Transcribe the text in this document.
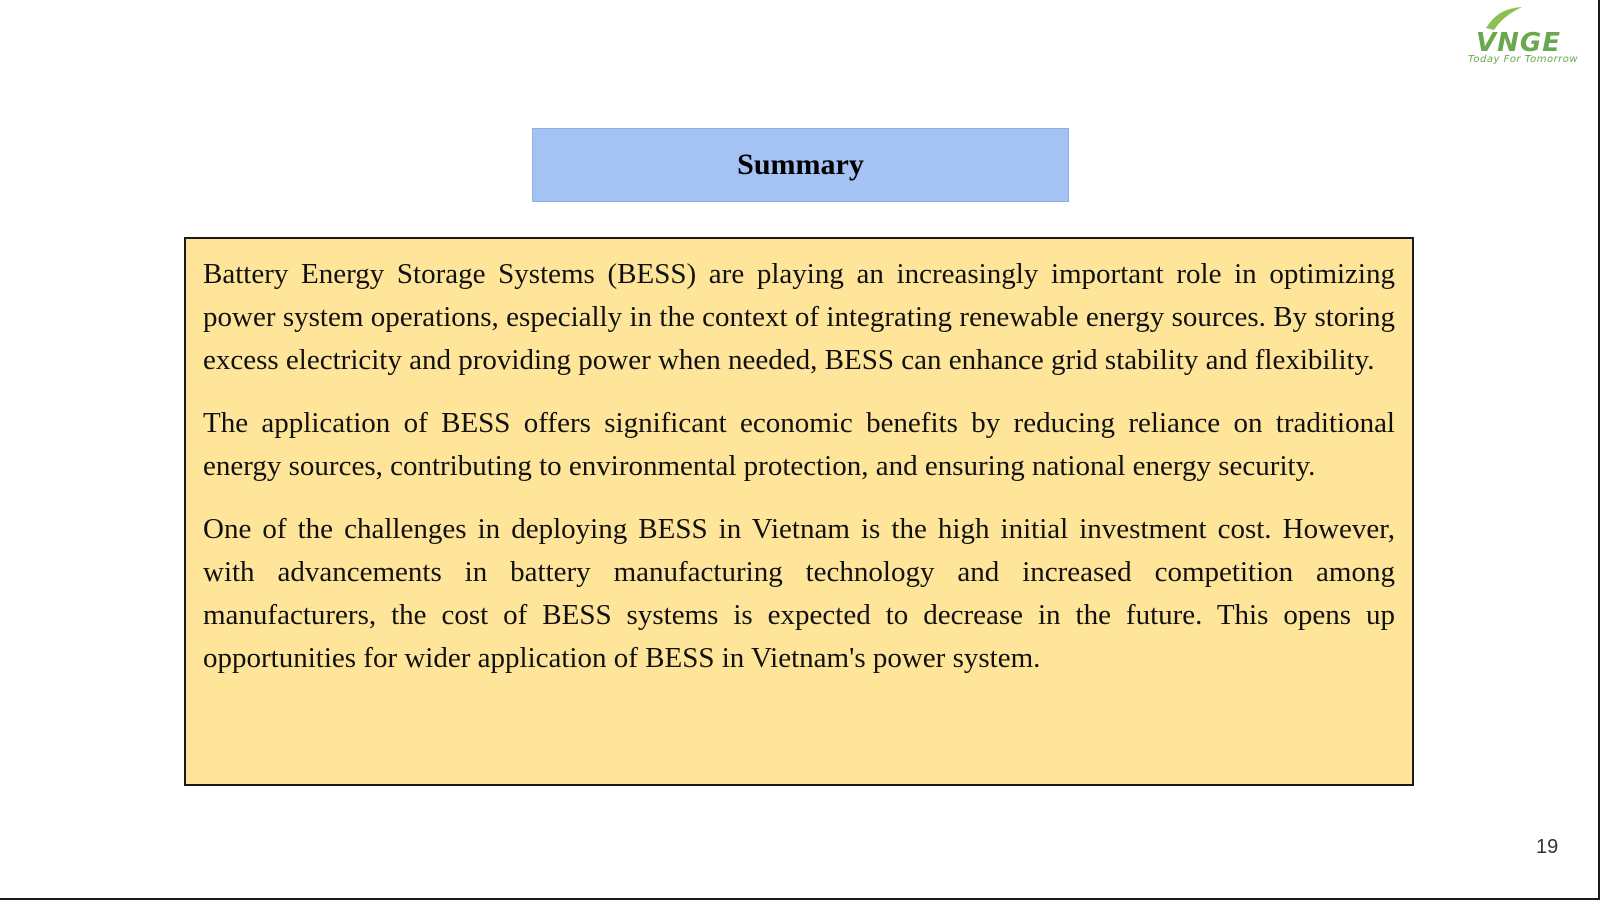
VNGE
Today For Tomorrow
Summary

Battery Energy Storage Systems (BESS) are playing an increasingly important role in optimizing power system operations, especially in the context of integrating renewable energy sources. By storing excess electricity and providing power when needed, BESS can enhance grid stability and flexibility.

The application of BESS offers significant economic benefits by reducing reliance on traditional energy sources, contributing to environmental protection, and ensuring national energy security.

One of the challenges in deploying BESS in Vietnam is the high initial investment cost. However, with advancements in battery manufacturing technology and increased competition among manufacturers, the cost of BESS systems is expected to decrease in the future. This opens up opportunities for wider application of BESS in Vietnam's power system.

19
